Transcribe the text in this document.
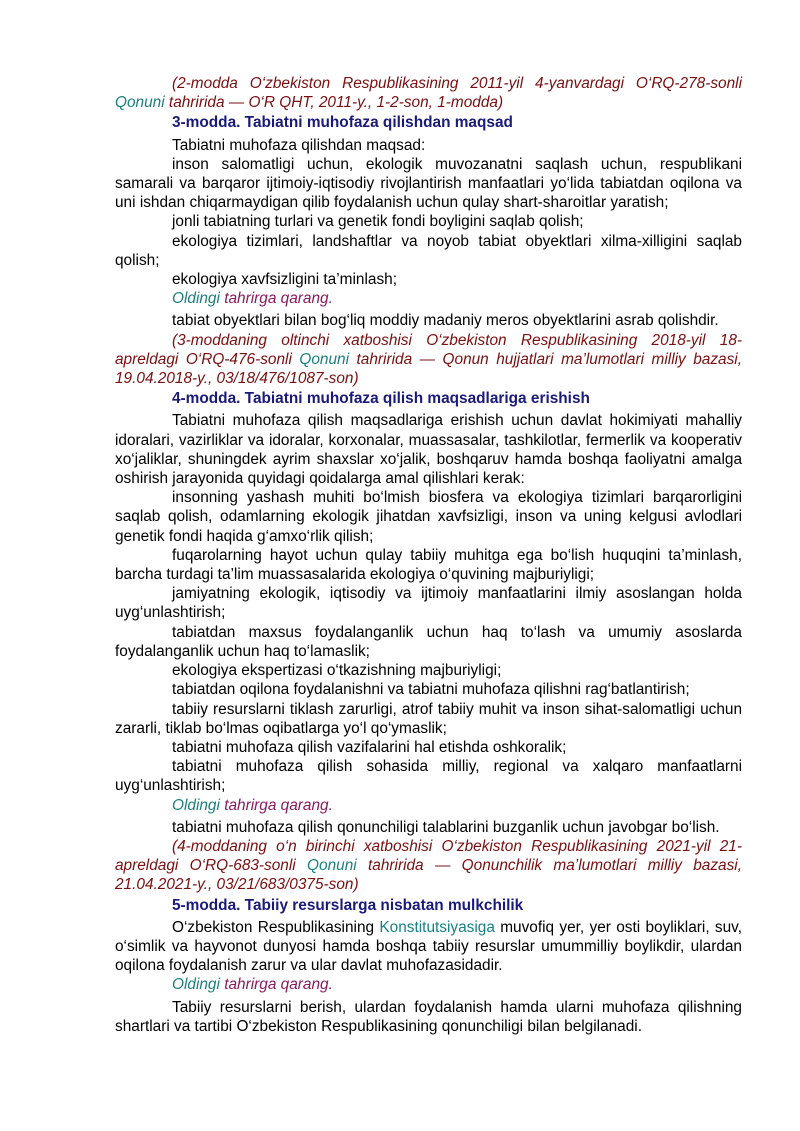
(2-modda O‘zbekiston Respublikasining 2011-yil 4-yanvardagi O‘RQ-278-sonli Qonuni tahririda — O‘R QHT, 2011-y., 1-2-son, 1-modda)

3-modda. Tabiatni muhofaza qilishdan maqsad

Tabiatni muhofaza qilishdan maqsad:

inson salomatligi uchun, ekologik muvozanatni saqlash uchun, respublikani samarali va barqaror ijtimoiy-iqtisodiy rivojlantirish manfaatlari yo‘lida tabiatdan oqilona va uni ishdan chiqarmaydigan qilib foydalanish uchun qulay shart-sharoitlar yaratish;

jonli tabiatning turlari va genetik fondi boyligini saqlab qolish;

ekologiya tizimlari, landshaftlar va noyob tabiat obyektlari xilma-xilligini saqlab qolish;

ekologiya xavfsizligini ta’minlash;

Oldingi tahrirga qarang.

tabiat obyektlari bilan bog‘liq moddiy madaniy meros obyektlarini asrab qolishdir.

(3-moddaning oltinchi xatboshisi O‘zbekiston Respublikasining 2018-yil 18-apreldagi O‘RQ-476-sonli Qonuni tahririda — Qonun hujjatlari ma’lumotlari milliy bazasi, 19.04.2018-y., 03/18/476/1087-son)

4-modda. Tabiatni muhofaza qilish maqsadlariga erishish

Tabiatni muhofaza qilish maqsadlariga erishish uchun davlat hokimiyati mahalliy idoralari, vazirliklar va idoralar, korxonalar, muassasalar, tashkilotlar, fermerlik va kooperativ xo‘jaliklar, shuningdek ayrim shaxslar xo‘jalik, boshqaruv hamda boshqa faoliyatni amalga oshirish jarayonida quyidagi qoidalarga amal qilishlari kerak:

insonning yashash muhiti bo‘lmish biosfera va ekologiya tizimlari barqarorligini saqlab qolish, odamlarning ekologik jihatdan xavfsizligi, inson va uning kelgusi avlodlari genetik fondi haqida g‘amxo‘rlik qilish;

fuqarolarning hayot uchun qulay tabiiy muhitga ega bo‘lish huquqini ta’minlash, barcha turdagi ta’lim muassasalarida ekologiya o‘quvining majburiyligi;

jamiyatning ekologik, iqtisodiy va ijtimoiy manfaatlarini ilmiy asoslangan holda uyg‘unlashtirish;

tabiatdan maxsus foydalanganlik uchun haq to‘lash va umumiy asoslarda foydalanganlik uchun haq to‘lamaslik;

ekologiya ekspertizasi o‘tkazishning majburiyligi;

tabiatdan oqilona foydalanishni va tabiatni muhofaza qilishni rag‘batlantirish;

tabiiy resurslarni tiklash zarurligi, atrof tabiiy muhit va inson sihat-salomatligi uchun zararli, tiklab bo‘lmas oqibatlarga yo‘l qo‘ymaslik;

tabiatni muhofaza qilish vazifalarini hal etishda oshkoralik;

tabiatni muhofaza qilish sohasida milliy, regional va xalqaro manfaatlarni uyg‘unlashtirish;

Oldingi tahrirga qarang.

tabiatni muhofaza qilish qonunchiligi talablarini buzganlik uchun javobgar bo‘lish.

(4-moddaning o‘n birinchi xatboshisi O‘zbekiston Respublikasining 2021-yil 21-apreldagi O‘RQ-683-sonli Qonuni tahririda — Qonunchilik ma’lumotlari milliy bazasi, 21.04.2021-y., 03/21/683/0375-son)

5-modda. Tabiiy resurslarga nisbatan mulkchilik

O‘zbekiston Respublikasining Konstitutsiyasiga muvofiq yer, yer osti boyliklari, suv, o‘simlik va hayvonot dunyosi hamda boshqa tabiiy resurslar umummilliy boylikdir, ulardan oqilona foydalanish zarur va ular davlat muhofazasidadir.

Oldingi tahrirga qarang.

Tabiiy resurslarni berish, ulardan foydalanish hamda ularni muhofaza qilishning shartlari va tartibi O‘zbekiston Respublikasining qonunchiligi bilan belgilanadi.
